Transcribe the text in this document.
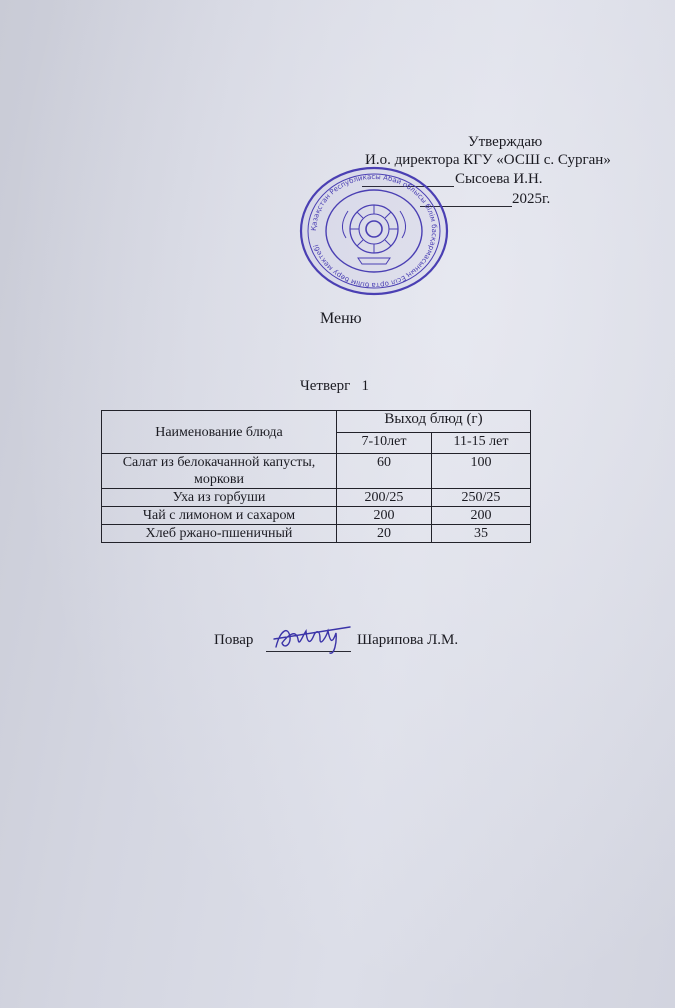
Утверждаю
И.о. директора КГУ «ОСШ с. Сурган»
Сысоева И.Н.
2025г.
Қазақстан Республикасы Абай облысы білім басқармасының Есіл орта білім беру мектебі
Меню
Четверг   1
Наименование блюда	Выход блюд (г)	
	7-10лет	11-15 лет
Салат из белокачанной капусты, моркови	60	100
Уха из горбуши	200/25	250/25
Чай с лимоном и сахаром	200	200
Хлеб ржано-пшеничный	20	35
Повар	Шарипова Л.М.
